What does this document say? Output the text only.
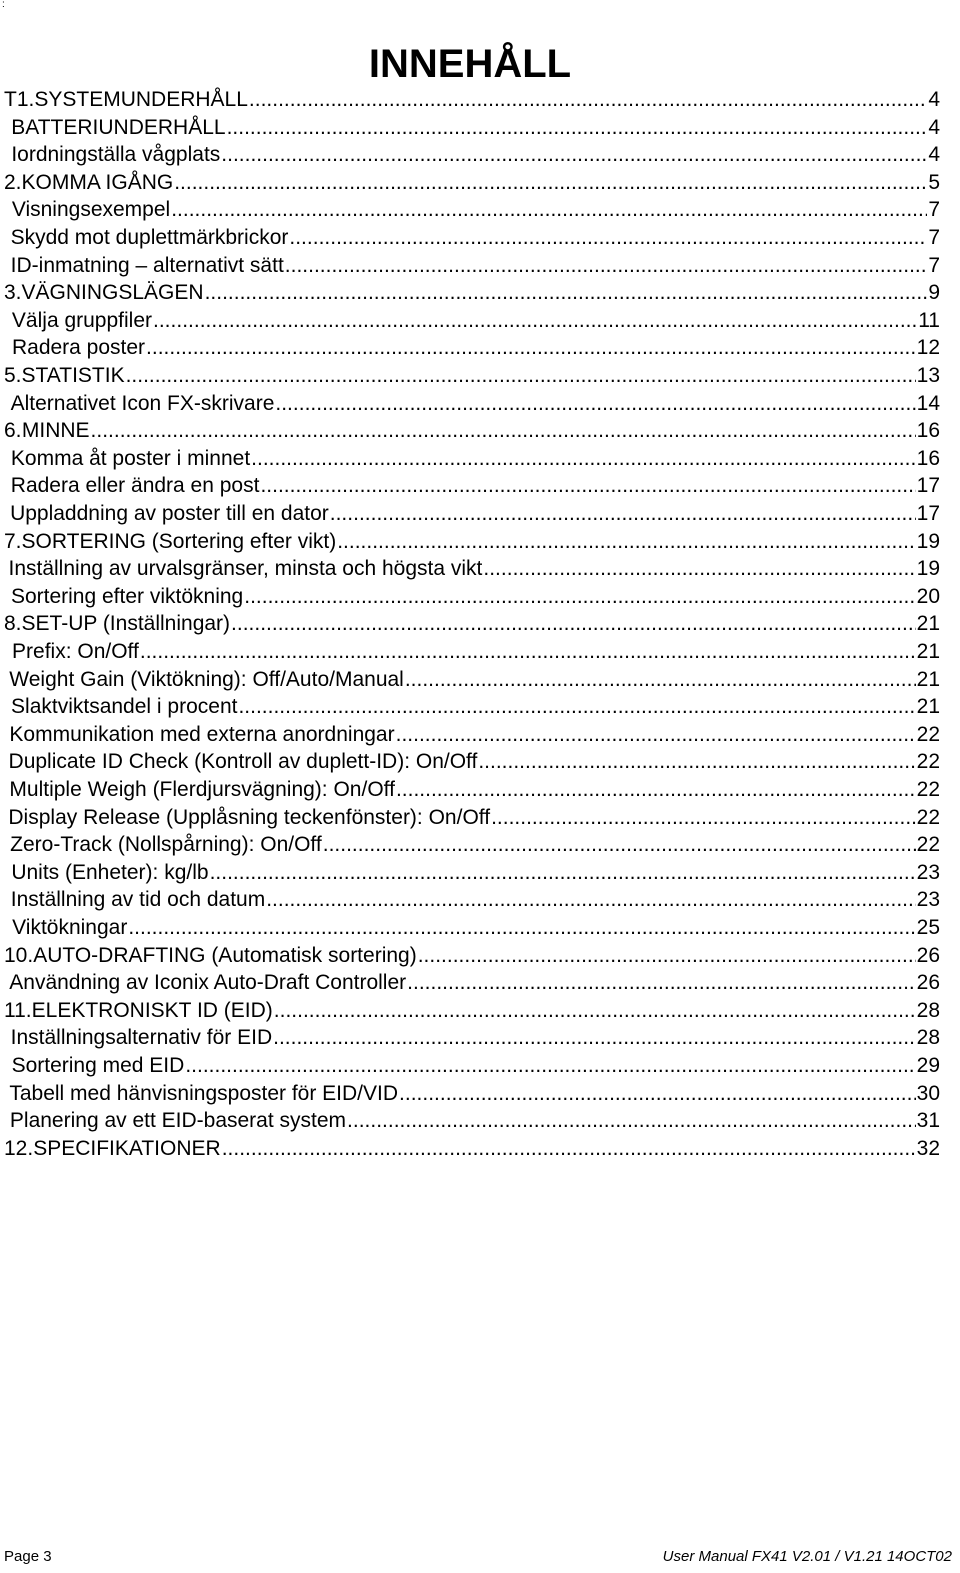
:
INNEHÅLL
T1. SYSTEMUNDERHÅLL .....	4
BATTERIUNDERHÅLL .....	4
Iordningställa vågplats .....	4
2. KOMMA IGÅNG .....	5
Visningsexempel .....	7
Skydd mot duplettmärkbrickor .....	7
ID-inmatning – alternativt sätt .....	7
3. VÄGNINGSLÄGEN .....	9
Välja gruppfiler .....	11
Radera poster .....	12
5. STATISTIK .....	13
Alternativet Icon FX-skrivare .....	14
6. MINNE .....	16
Komma åt poster i minnet .....	16
Radera eller ändra en post .....	17
Uppladdning av poster till en dator .....	17
7. SORTERING (Sortering efter vikt) .....	19
Inställning av urvalsgränser, minsta och högsta vikt .....	19
Sortering efter viktökning .....	20
8. SET-UP (Inställningar) .....	21
Prefix: On/Off .....	21
Weight Gain (Viktökning): Off/Auto/Manual .....	21
Slaktviktsandel i procent .....	21
Kommunikation med externa anordningar .....	22
Duplicate ID Check (Kontroll av duplett-ID): On/Off .....	22
Multiple Weigh (Flerdjursvägning): On/Off .....	22
Display Release (Upplåsning teckenfönster): On/Off .....	22
Zero-Track (Nollspårning): On/Off .....	22
Units (Enheter): kg/lb .....	23
Inställning av tid och datum .....	23
Viktökningar .....	25
10. AUTO-DRAFTING (Automatisk sortering) .....	26
Användning av Iconix Auto-Draft Controller .....	26
11. ELEKTRONISKT ID (EID) .....	28
Inställningsalternativ för EID .....	28
Sortering med EID .....	29
Tabell med hänvisningsposter för EID/VID .....	30
Planering av ett EID-baserat system .....	31
12. SPECIFIKATIONER .....	32
Page 3	User Manual FX41 V2.01 / V1.21 14OCT02
